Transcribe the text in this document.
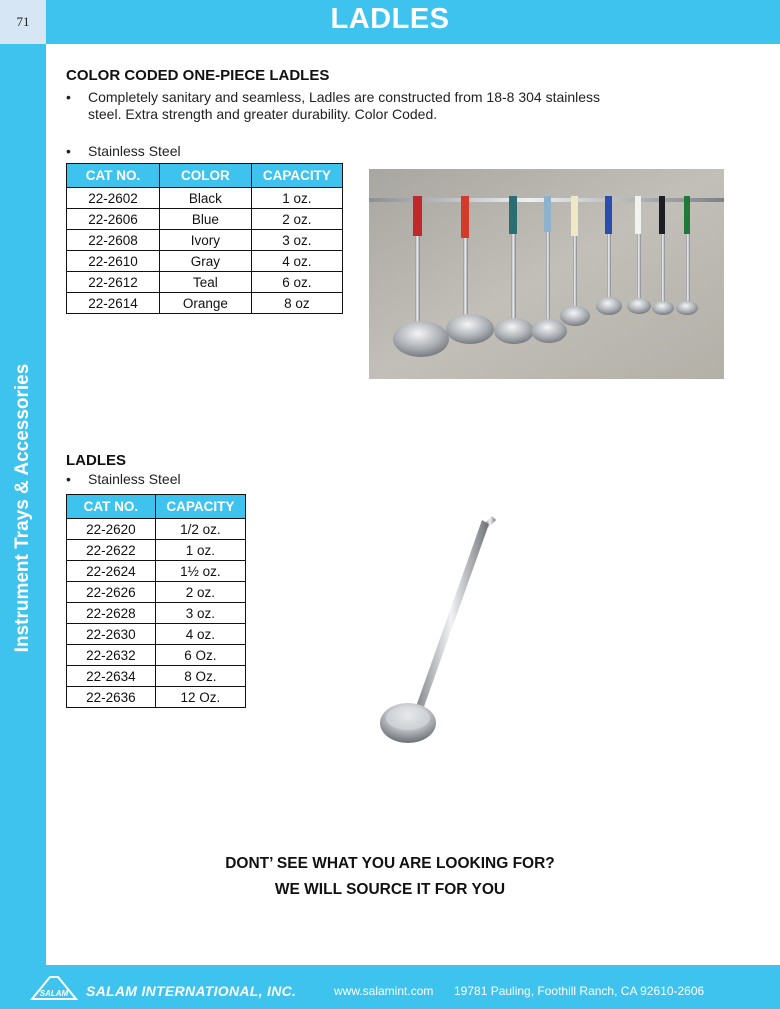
71	LADLES
Instrument Trays & Accessories
COLOR CODED ONE-PIECE LADLES
• Completely sanitary and seamless, Ladles are constructed from 18-8 304 stainless
steel. Extra strength and greater durability. Color Coded.
• Stainless Steel
CAT NO.	COLOR	CAPACITY
22-2602	Black	1 oz.
22-2606	Blue	2 oz.
22-2608	Ivory	3 oz.
22-2610	Gray	4 oz.
22-2612	Teal	6 oz.
22-2614	Orange	8 oz
LADLES
• Stainless Steel
CAT NO.	CAPACITY
22-2620	1/2 oz.
22-2622	1 oz.
22-2624	1½ oz.
22-2626	2 oz.
22-2628	3 oz.
22-2630	4 oz.
22-2632	6 Oz.
22-2634	8 Oz.
22-2636	12 Oz.
DONT’ SEE WHAT YOU ARE LOOKING FOR?
WE WILL SOURCE IT FOR YOU
SALAM SALAM INTERNATIONAL, INC.	www.salamint.com 19781 Pauling, Foothill Ranch, CA 92610-2606
